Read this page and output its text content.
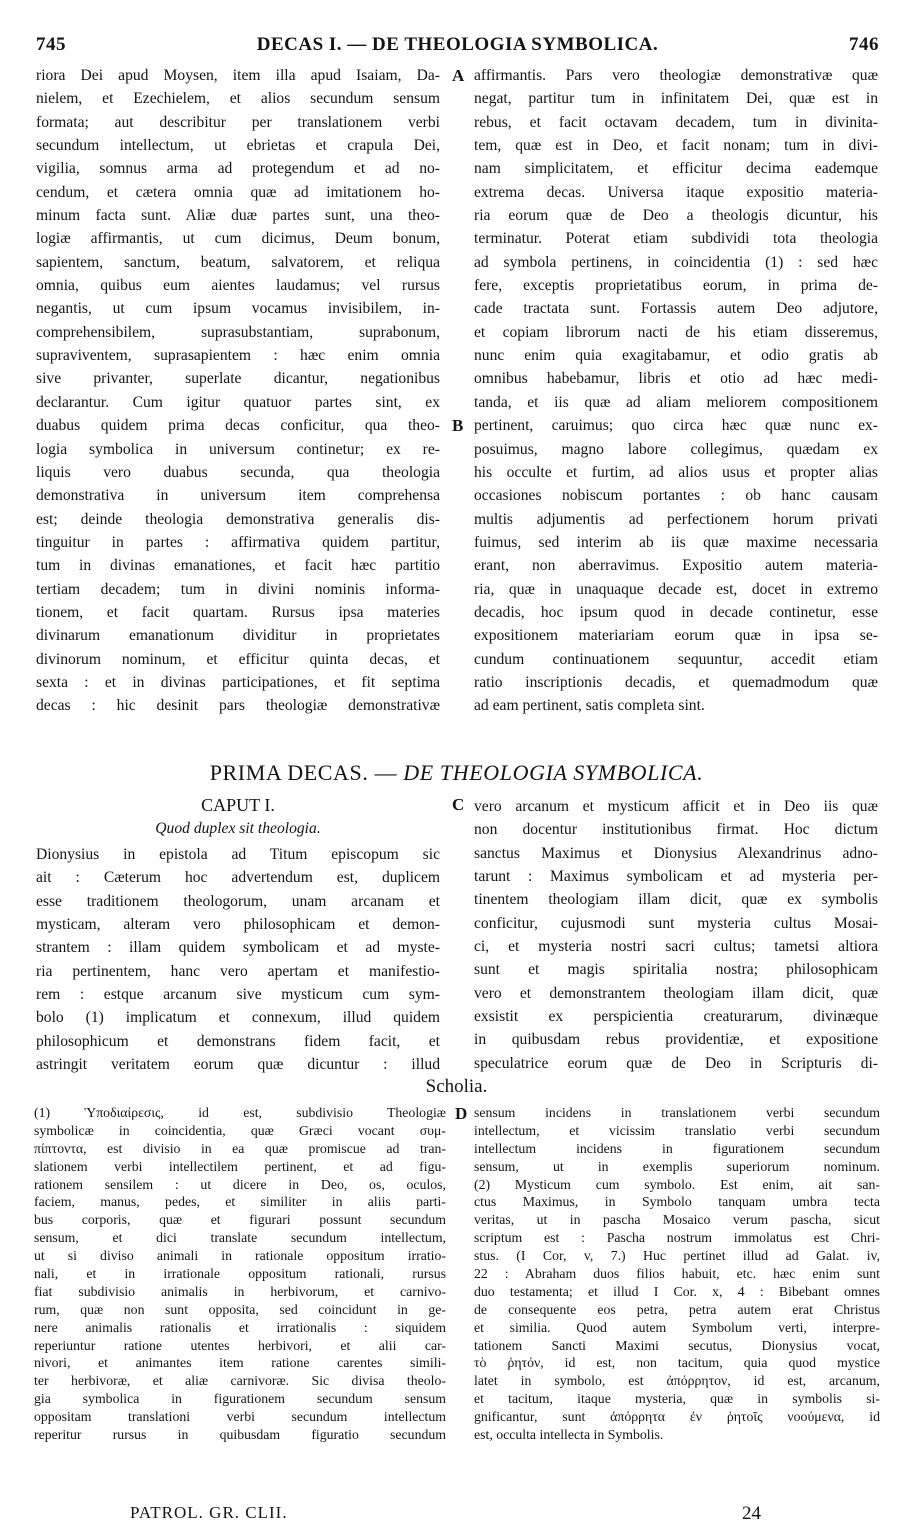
745	DECAS I. — DE THEOLOGIA SYMBOLICA.	746
riora Dei apud Moysen, item illa apud Isaiam, Da-
nielem, et Ezechielem, et alios secundum sensum
formata; aut describitur per translationem verbi
secundum intellectum, ut ebrietas et crapula Dei,
vigilia, somnus arma ad protegendum et ad no-
cendum, et cætera omnia quæ ad imitationem ho-
minum facta sunt. Aliæ duæ partes sunt, una theo-
logiæ affirmantis, ut cum dicimus, Deum bonum,
sapientem, sanctum, beatum, salvatorem, et reliqua
omnia, quibus eum aientes laudamus; vel rursus
negantis, ut cum ipsum vocamus invisibilem, in-
comprehensibilem, suprasubstantiam, suprabonum,
supraviventem, suprasapientem : hæc enim omnia
sive privanter, superlate dicantur, negationibus
declarantur. Cum igitur quatuor partes sint, ex
duabus quidem prima decas conficitur, qua theo-
logia symbolica in universum continetur; ex re-
liquis vero duabus secunda, qua theologia
demonstrativa in universum item comprehensa
est; deinde theologia demonstrativa generalis dis-
tinguitur in partes : affirmativa quidem partitur,
tum in divinas emanationes, et facit hæc partitio
tertiam decadem; tum in divini nominis informa-
tionem, et facit quartam. Rursus ipsa materies
divinarum emanationum dividitur in proprietates
divinorum nominum, et efficitur quinta decas, et
sexta : et in divinas participationes, et fit septima
decas : hic desinit pars theologiæ demonstrativæ
affirmantis. Pars vero theologiæ demonstrativæ quæ
negat, partitur tum in infinitatem Dei, quæ est in
rebus, et facit octavam decadem, tum in divinita-
tem, quæ est in Deo, et facit nonam; tum in divi-
nam simplicitatem, et efficitur decima eademque
extrema decas. Universa itaque expositio materia-
ria eorum quæ de Deo a theologis dicuntur, his
terminatur. Poterat etiam subdividi tota theologia
ad symbola pertinens, in coincidentia (1) : sed hæc
fere, exceptis proprietatibus eorum, in prima de-
cade tractata sunt. Fortassis autem Deo adjutore,
et copiam librorum nacti de his etiam disseremus,
nunc enim quia exagitabamur, et odio gratis ab
omnibus habebamur, libris et otio ad hæc medi-
tanda, et iis quæ ad aliam meliorem compositionem
pertinent, caruimus; quo circa hæc quæ nunc ex-
posuimus, magno labore collegimus, quædam ex
his occulte et furtim, ad alios usus et propter alias
occasiones nobiscum portantes : ob hanc causam
multis adjumentis ad perfectionem horum privati
fuimus, sed interim ab iis quæ maxime necessaria
erant, non aberravimus. Expositio autem materia-
ria, quæ in unaquaque decade est, docet in extremo
decadis, hoc ipsum quod in decade continetur, esse
expositionem materiariam eorum quæ in ipsa se-
cundum continuationem sequuntur, accedit etiam
ratio inscriptionis decadis, et quemadmodum quæ
ad eam pertinent, satis completa sint.
A
B
C
D
PRIMA DECAS. — DE THEOLOGIA SYMBOLICA.
CAPUT I.
Quod duplex sit theologia.
Dionysius in epistola ad Titum episcopum sic
ait : Cæterum hoc advertendum est, duplicem
esse traditionem theologorum, unam arcanam et
mysticam, alteram vero philosophicam et demon-
strantem : illam quidem symbolicam et ad myste-
ria pertinentem, hanc vero apertam et manifestio-
rem : estque arcanum sive mysticum cum sym-
bolo (1) implicatum et connexum, illud quidem
philosophicum et demonstrans fidem facit, et
astringit veritatem eorum quæ dicuntur : illud
vero arcanum et mysticum afficit et in Deo iis quæ
non docentur institutionibus firmat. Hoc dictum
sanctus Maximus et Dionysius Alexandrinus adno-
tarunt : Maximus symbolicam et ad mysteria per-
tinentem theologiam illam dicit, quæ ex symbolis
conficitur, cujusmodi sunt mysteria cultus Mosai-
ci, et mysteria nostri sacri cultus; tametsi altiora
sunt et magis spiritalia nostra; philosophicam
vero et demonstrantem theologiam illam dicit, quæ
exsistit ex perspicientia creaturarum, divinæque
in quibusdam rebus providentiæ, et expositione
speculatrice eorum quæ de Deo in Scripturis di-
Scholia.
(1) Ὑποδιαίρεσις, id est, subdivisio Theologiæ
symbolicæ in coincidentia, quæ Græci vocant συμ-
πίπτοντα, est divisio in ea quæ promiscue ad tran-
slationem verbi intellectilem pertinent, et ad figu-
rationem sensilem : ut dicere in Deo, os, oculos,
faciem, manus, pedes, et similiter in aliis parti-
bus corporis, quæ et figurari possunt secundum
sensum, et dici translate secundum intellectum,
ut si diviso animali in rationale oppositum irratio-
nali, et in irrationale oppositum rationali, rursus
fiat subdivisio animalis in herbivorum, et carnivo-
rum, quæ non sunt opposita, sed coincidunt in ge-
nere animalis rationalis et irrationalis : siquidem
reperiuntur ratione utentes herbivori, et alii car-
nivori, et animantes item ratione carentes simili-
ter herbivoræ, et aliæ carnivoræ. Sic divisa theolo-
gia symbolica in figurationem secundum sensum
oppositam translationi verbi secundum intellectum
reperitur rursus in quibusdam figuratio secundum
sensum incidens in translationem verbi secundum
intellectum, et vicissim translatio verbi secundum
intellectum incidens in figurationem secundum
sensum, ut in exemplis superiorum nominum.
(2) Mysticum cum symbolo. Est enim, ait san-
ctus Maximus, in Symbolo tanquam umbra tecta
veritas, ut in pascha Mosaico verum pascha, sicut
scriptum est : Pascha nostrum immolatus est Chri-
stus. (I Cor, v, 7.) Huc pertinet illud ad Galat. iv,
22 : Abraham duos filios habuit, etc. hæc enim sunt
duo testamenta; et illud I Cor. x, 4 : Bibebant omnes
de consequente eos petra, petra autem erat Christus
et similia. Quod autem Symbolum verti, interpre-
tationem Sancti Maximi secutus, Dionysius vocat,
τὸ ῥητόν, id est, non tacitum, quia quod mystice
latet in symbolo, est ἀπόρρητον, id est, arcanum,
et tacitum, itaque mysteria, quæ in symbolis si-
gnificantur, sunt ἀπόρρητα ἐν ῥητοῖς νοούμενα, id
est, occulta intellecta in Symbolis.
PATROL. GR. CLII.	24
